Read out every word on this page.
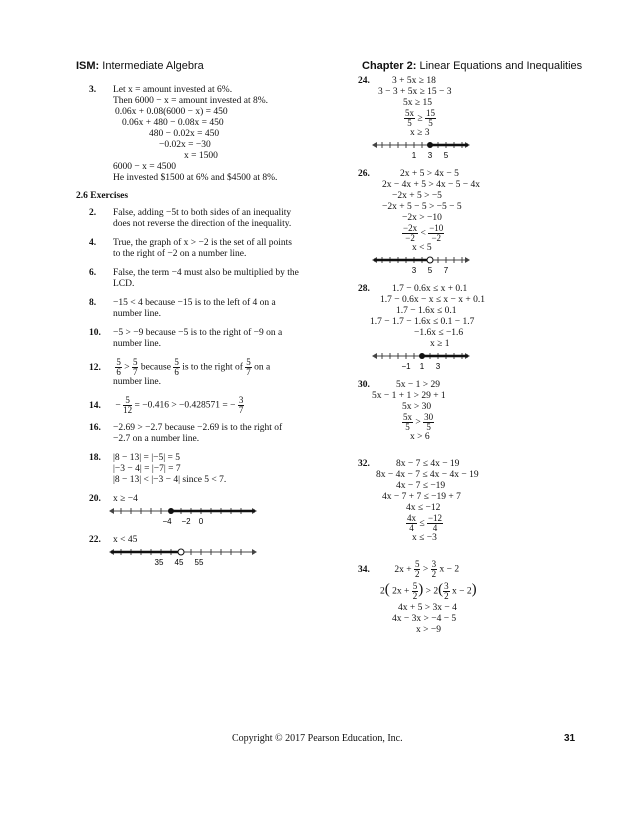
ISM: Intermediate Algebra	Chapter 2: Linear Equations and Inequalities
3. Let x = amount invested at 6%.
Then 6000 − x = amount invested at 8%.
0.06x + 0.08(6000 − x) = 450
0.06x + 480 − 0.08x = 450
480 − 0.02x = 450
−0.02x = −30
x = 1500
6000 − x = 4500
He invested $1500 at 6% and $4500 at 8%.
2.6 Exercises
2. False, adding −5t to both sides of an inequality
does not reverse the direction of the inequality.
4. True, the graph of x > −2 is the set of all points
to the right of −2 on a number line.
6. False, the term −4 must also be multiplied by the
LCD.
8. −15 < 4 because −15 is to the left of 4 on a
number line.
10. −5 > −9 because −5 is to the right of −9 on a
number line.
12. $\frac{5}{6} > \frac{5}{7}$ because $\frac{5}{6}$ is to the right of $\frac{5}{7}$ on a
number line.
14. − $\frac{5}{12} = -0.416 > -0.428571$ = − $\frac{3}{7}$
16. −2.69 > −2.7 because −2.69 is to the right of
−2.7 on a number line.
18. |8 − 13| = |−5| = 5
|−3 − 4| = |−7| = 7
|8 − 13| < |−3 − 4| since 5 < 7.
20. x ≥ −4
−4 −2 0
22. x < 45
35 45 55
24. 3 + 5x ≥ 18
3 − 3 + 5x ≥ 15 − 3
5x ≥ 15
$\frac{5x}{5} \ge \frac{15}{5}$
x ≥ 3
1 3 5
26.	2x + 5 > 4x − 5
2x − 4x + 5 > 4x − 5 − 4x
−2x + 5 > −5
−2x + 5 − 5 > −5 − 5
−2x > −10
$\frac{-2x}{-2} < \frac{-10}{-2}$
x < 5
3 5 7
28. 1.7 − 0.6x ≤ x + 0.1
1.7 − 0.6x − x ≤ x − x + 0.1
1.7 − 1.6x ≤ 0.1
1.7 − 1.7 − 1.6x ≤ 0.1 − 1.7
−1.6x ≤ −1.6
x ≥ 1
−1 1 3
30.	5x − 1 > 29
5x − 1 + 1 > 29 + 1
5x > 30
$\frac{5x}{5} > \frac{30}{5}$
x > 6
32.	8x − 7 ≤ 4x − 19
8x − 4x − 7 ≤ 4x − 4x − 19
4x − 7 ≤ −19
4x − 7 + 7 ≤ −19 + 7
4x ≤ −12
$\frac{4x}{4} \le \frac{-12}{4}$
x ≤ −3
34.	$2x + \frac{5}{2} > \frac{3}{2}$ x − 2
2( $2x + \frac{5}{2}$ ) > $2( \frac{3}{2}$ x − 2)
4x + 5 > 3x − 4
4x − 3x > −4 − 5
x > −9
Copyright © 2017 Pearson Education, Inc.	31
